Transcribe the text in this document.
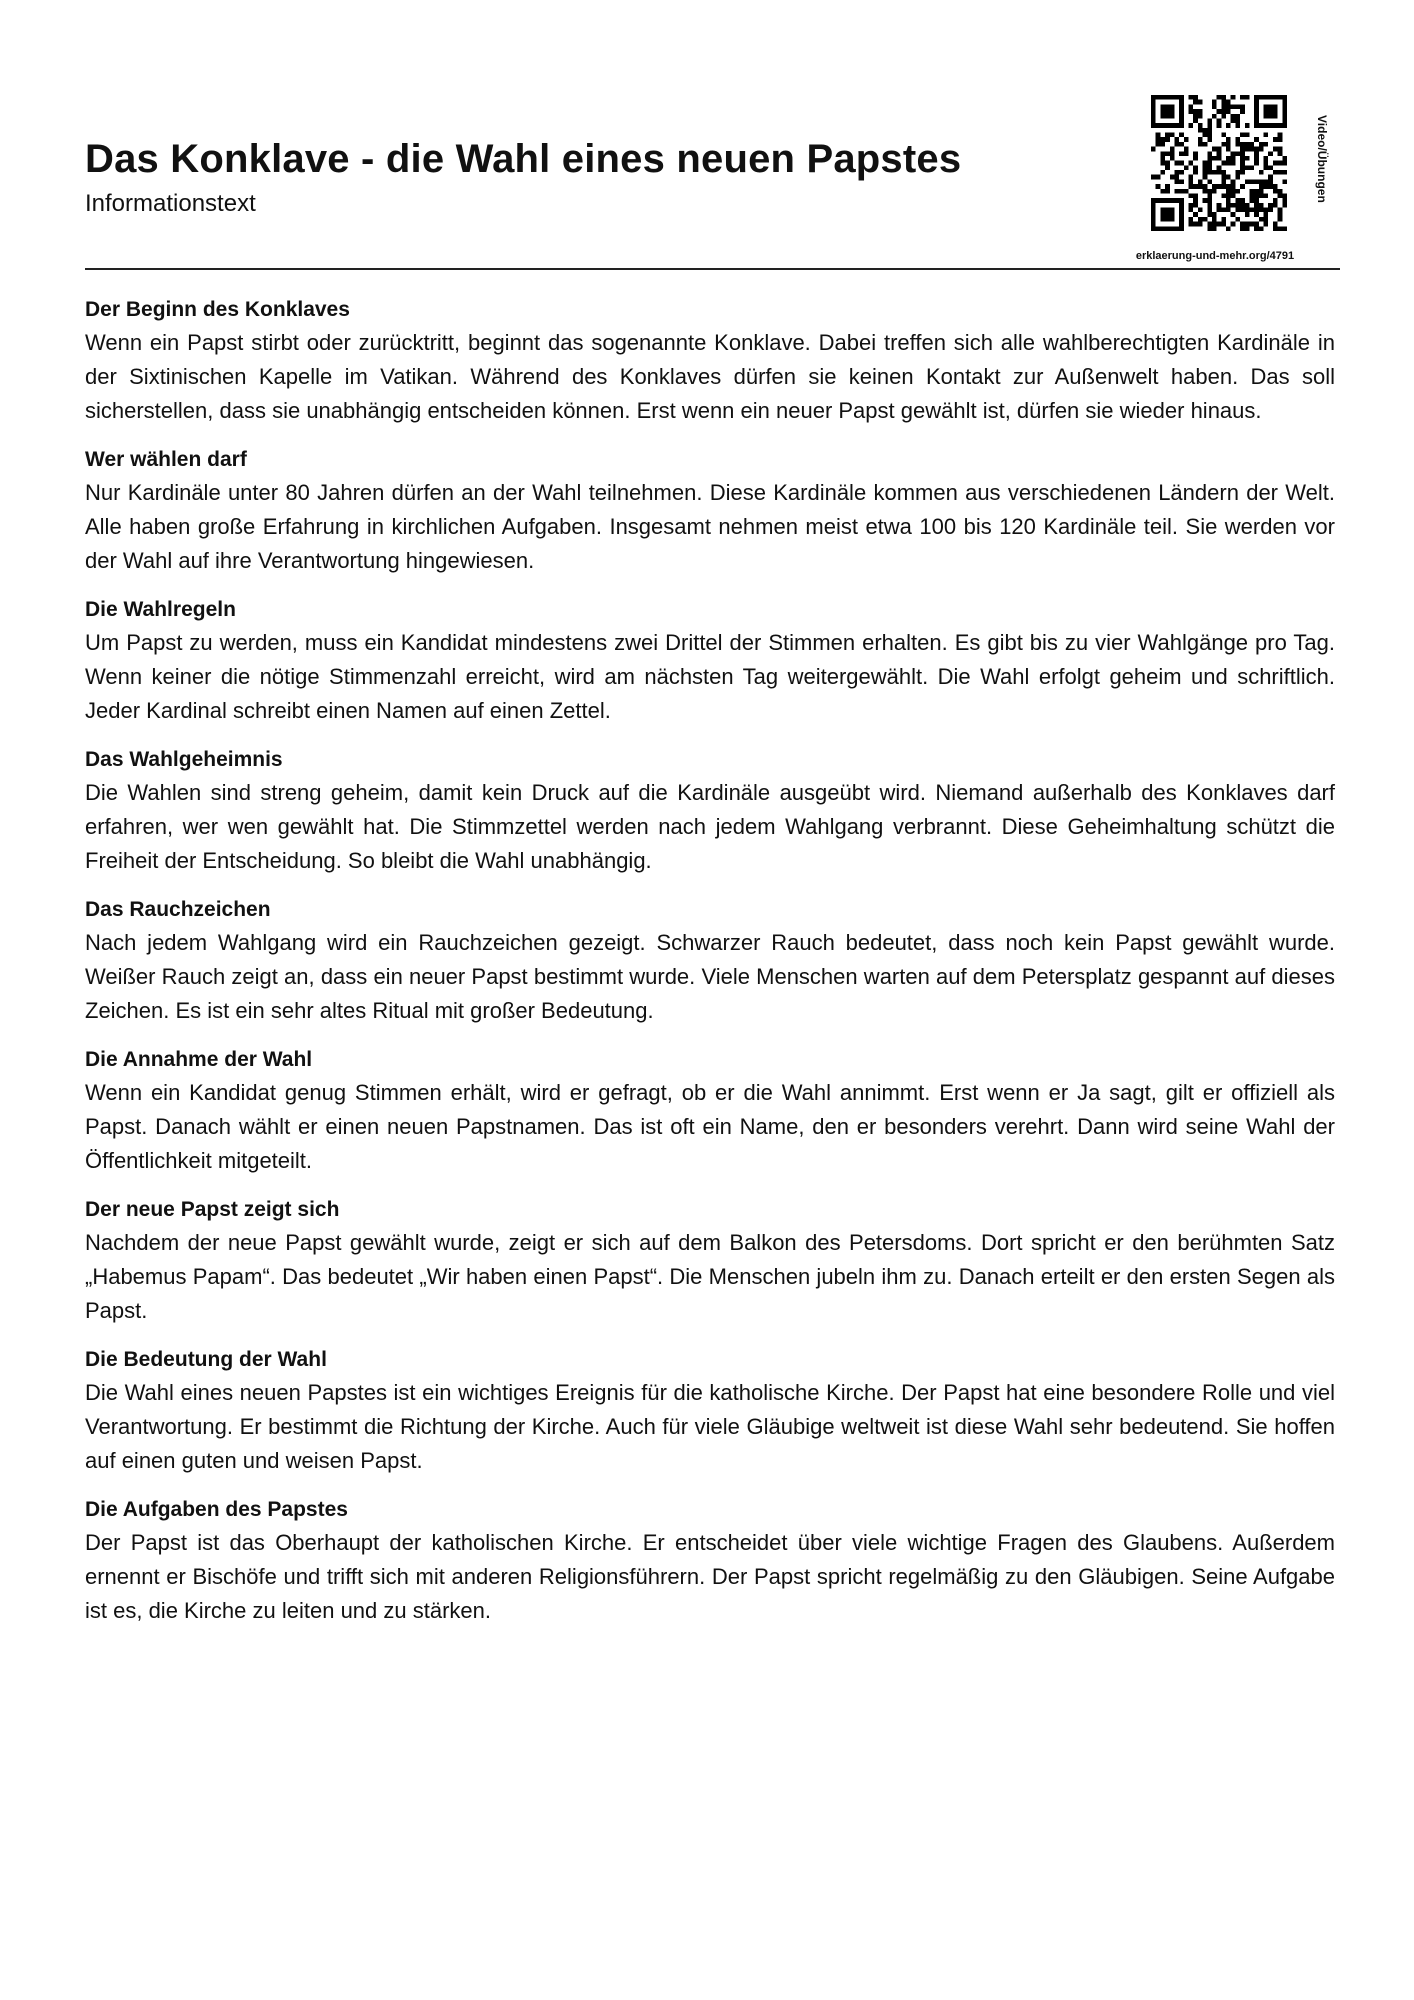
Das Konklave - die Wahl eines neuen Papstes
Informationstext
Video/Übungen
erklaerung-und-mehr.org/4791
Der Beginn des Konklaves

Wenn ein Papst stirbt oder zurücktritt, beginnt das sogenannte Konklave. Dabei treffen sich alle wahlberechtigten Kardinäle in der Sixtinischen Kapelle im Vatikan. Während des Konklaves dürfen sie keinen Kontakt zur Außenwelt haben. Das soll sicherstellen, dass sie unabhängig entscheiden können. Erst wenn ein neuer Papst gewählt ist, dürfen sie wieder hinaus.

Wer wählen darf

Nur Kardinäle unter 80 Jahren dürfen an der Wahl teilnehmen. Diese Kardinäle kommen aus verschiedenen Ländern der Welt. Alle haben große Erfahrung in kirchlichen Aufgaben. Insgesamt nehmen meist etwa 100 bis 120 Kardinäle teil. Sie werden vor der Wahl auf ihre Verantwortung hingewiesen.

Die Wahlregeln

Um Papst zu werden, muss ein Kandidat mindestens zwei Drittel der Stimmen erhalten. Es gibt bis zu vier Wahlgänge pro Tag. Wenn keiner die nötige Stimmenzahl erreicht, wird am nächsten Tag weitergewählt. Die Wahl erfolgt geheim und schriftlich. Jeder Kardinal schreibt einen Namen auf einen Zettel.

Das Wahlgeheimnis

Die Wahlen sind streng geheim, damit kein Druck auf die Kardinäle ausgeübt wird. Niemand außerhalb des Konklaves darf erfahren, wer wen gewählt hat. Die Stimmzettel werden nach jedem Wahlgang verbrannt. Diese Geheimhaltung schützt die Freiheit der Entscheidung. So bleibt die Wahl unabhängig.

Das Rauchzeichen

Nach jedem Wahlgang wird ein Rauchzeichen gezeigt. Schwarzer Rauch bedeutet, dass noch kein Papst gewählt wurde. Weißer Rauch zeigt an, dass ein neuer Papst bestimmt wurde. Viele Menschen warten auf dem Petersplatz gespannt auf dieses Zeichen. Es ist ein sehr altes Ritual mit großer Bedeutung.

Die Annahme der Wahl

Wenn ein Kandidat genug Stimmen erhält, wird er gefragt, ob er die Wahl annimmt. Erst wenn er Ja sagt, gilt er offiziell als Papst. Danach wählt er einen neuen Papstnamen. Das ist oft ein Name, den er besonders verehrt. Dann wird seine Wahl der Öffentlichkeit mitgeteilt.

Der neue Papst zeigt sich

Nachdem der neue Papst gewählt wurde, zeigt er sich auf dem Balkon des Petersdoms. Dort spricht er den berühmten Satz „Habemus Papam“. Das bedeutet „Wir haben einen Papst“. Die Menschen jubeln ihm zu. Danach erteilt er den ersten Segen als Papst.

Die Bedeutung der Wahl

Die Wahl eines neuen Papstes ist ein wichtiges Ereignis für die katholische Kirche. Der Papst hat eine besondere Rolle und viel Verantwortung. Er bestimmt die Richtung der Kirche. Auch für viele Gläubige weltweit ist diese Wahl sehr bedeutend. Sie hoffen auf einen guten und weisen Papst.

Die Aufgaben des Papstes

Der Papst ist das Oberhaupt der katholischen Kirche. Er entscheidet über viele wichtige Fragen des Glaubens. Außerdem ernennt er Bischöfe und trifft sich mit anderen Religionsführern. Der Papst spricht regelmäßig zu den Gläubigen. Seine Aufgabe ist es, die Kirche zu leiten und zu stärken.
